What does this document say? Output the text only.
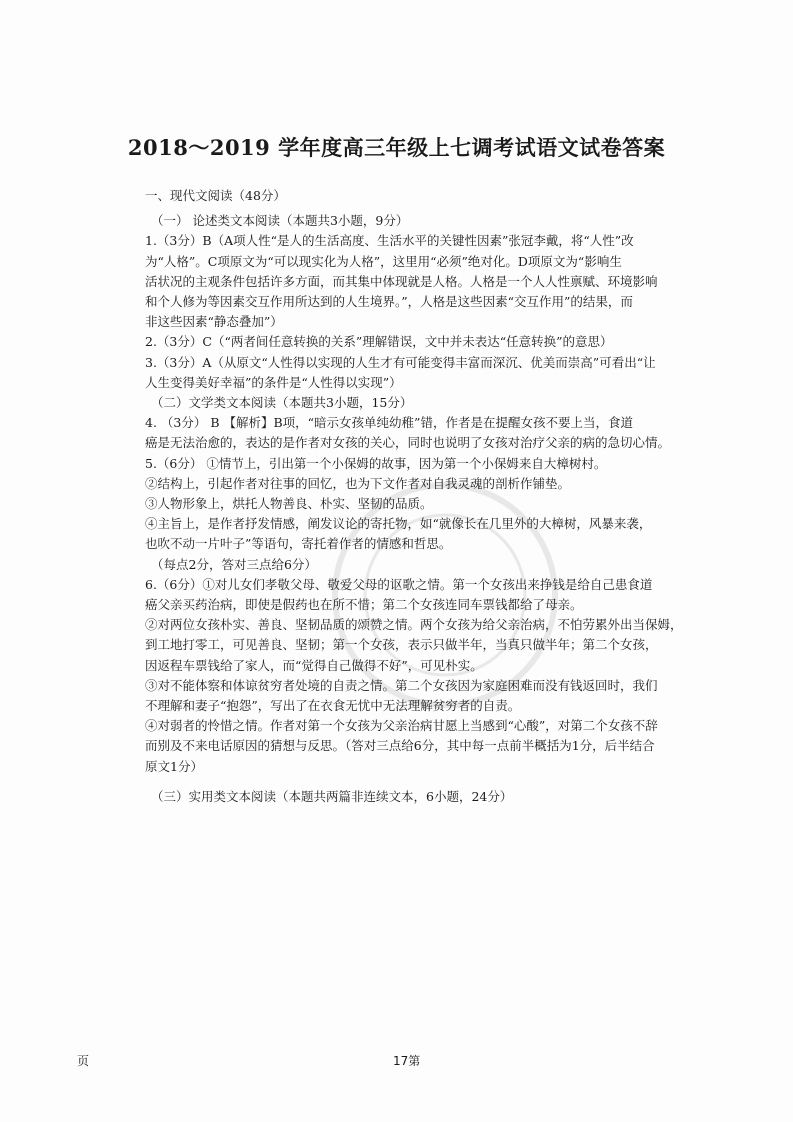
2018～2019 学年度高三年级上七调考试语文试卷答案
一、现代文阅读（48分）
（一） 论述类文本阅读（本题共3小题，9分）
1.（3分）B（A项人性“是人的生活高度、生活水平的关键性因素”张冠李戴，将“人性”改
为“人格”。C项原文为“可以现实化为人格”，这里用“必须”绝对化。D项原文为“影响生
活状况的主观条件包括许多方面，而其集中体现就是人格。人格是一个人人性禀赋、环境影响
和个人修为等因素交互作用所达到的人生境界。”，人格是这些因素“交互作用”的结果，而
非这些因素“静态叠加”）
2.（3分）C（“两者间任意转换的关系”理解错误，文中并未表达“任意转换”的意思）
3.（3分）A（从原文“人性得以实现的人生才有可能变得丰富而深沉、优美而崇高”可看出“让
人生变得美好幸福”的条件是“人性得以实现”）
（二）文学类文本阅读（本题共3小题，15分）
4. （3分） B 【解析】B项，“暗示女孩单纯幼稚”错，作者是在提醒女孩不要上当，食道
癌是无法治愈的，表达的是作者对女孩的关心，同时也说明了女孩对治疗父亲的病的急切心情。
5.（6分） ①情节上，引出第一个小保姆的故事，因为第一个小保姆来自大樟树村。
②结构上，引起作者对往事的回忆，也为下文作者对自我灵魂的剖析作铺垫。
③人物形象上，烘托人物善良、朴实、坚韧的品质。
④主旨上，是作者抒发情感，阐发议论的寄托物，如“就像长在几里外的大樟树，风暴来袭，
也吹不动一片叶子”等语句，寄托着作者的情感和哲思。
（每点2分，答对三点给6分）
6.（6分）①对儿女们孝敬父母、敬爱父母的讴歌之情。第一个女孩出来挣钱是给自己患食道
癌父亲买药治病，即使是假药也在所不惜；第二个女孩连同车票钱都给了母亲。
②对两位女孩朴实、善良、坚韧品质的颂赞之情。两个女孩为给父亲治病，不怕劳累外出当保姆，
到工地打零工，可见善良、坚韧；第一个女孩，表示只做半年，当真只做半年；第二个女孩，
因返程车票钱给了家人，而“觉得自己做得不好”，可见朴实。
③对不能体察和体谅贫穷者处境的自责之情。第二个女孩因为家庭困难而没有钱返回时，我们
不理解和妻子“抱怨”，写出了在衣食无忧中无法理解贫穷者的自责。
④对弱者的怜惜之情。作者对第一个女孩为父亲治病甘愿上当感到“心酸”，对第二个女孩不辞
而别及不来电话原因的猜想与反思。（答对三点给6分，其中每一点前半概括为1分，后半结合
原文1分）
（三）实用类文本阅读（本题共两篇非连续文本，6小题，24分）
页	17第
